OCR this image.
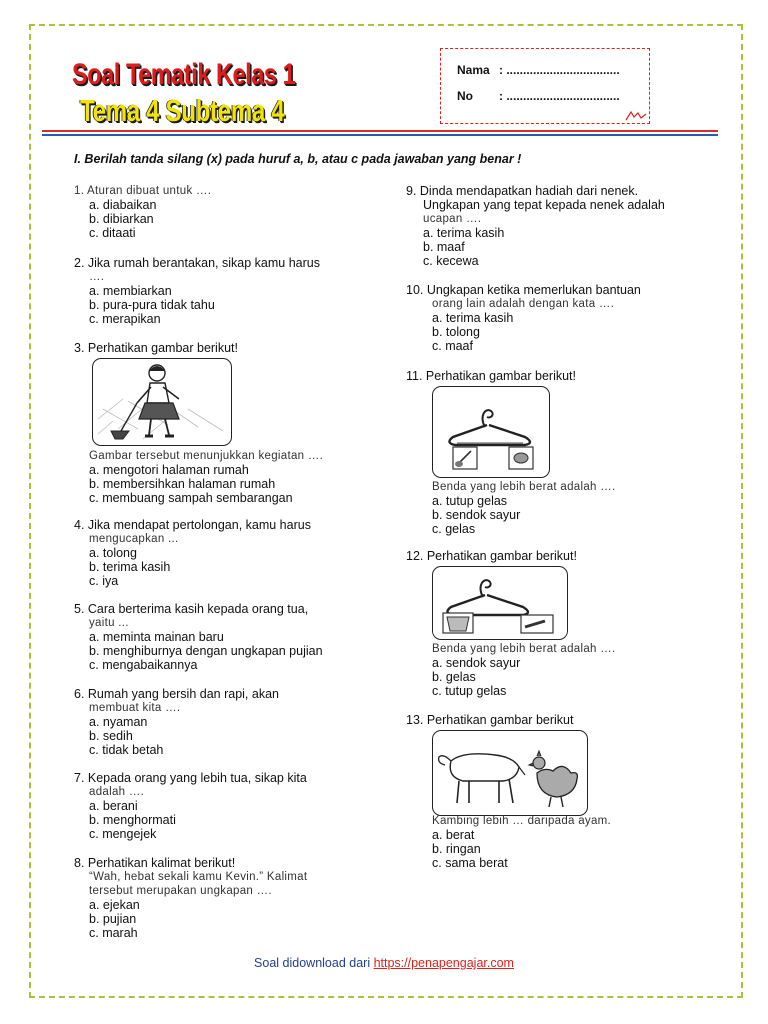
Soal Tematik Kelas 1
Tema 4 Subtema 4
Nama : ..................................
No : ..................................
I. Berilah tanda silang (x) pada huruf a, b, atau c pada jawaban yang benar !
1. Aturan dibuat untuk ….
a. diabaikan
b. dibiarkan
c. ditaati
2. Jika rumah berantakan, sikap kamu harus
….
a. membiarkan
b. pura-pura tidak tahu
c. merapikan
3. Perhatikan gambar berikut!
Gambar tersebut menunjukkan kegiatan ….
a. mengotori halaman rumah
b. membersihkan halaman rumah
c. membuang sampah sembarangan
4. Jika mendapat pertolongan, kamu harus
mengucapkan ...
a. tolong
b. terima kasih
c. iya
5. Cara berterima kasih kepada orang tua,
yaitu ...
a. meminta mainan baru
b. menghiburnya dengan ungkapan pujian
c. mengabaikannya
6. Rumah yang bersih dan rapi, akan
membuat kita ….
a. nyaman
b. sedih
c. tidak betah
7. Kepada orang yang lebih tua, sikap kita
adalah ….
a. berani
b. menghormati
c. mengejek
8. Perhatikan kalimat berikut!
“Wah, hebat sekali kamu Kevin.” Kalimat
tersebut merupakan ungkapan ….
a. ejekan
b. pujian
c. marah
9. Dinda mendapatkan hadiah dari nenek.
Ungkapan yang tepat kepada nenek adalah
ucapan ….
a. terima kasih
b. maaf
c. kecewa
10. Ungkapan ketika memerlukan bantuan
orang lain adalah dengan kata ….
a. terima kasih
b. tolong
c. maaf
11. Perhatikan gambar berikut!
Benda yang lebih berat adalah ….
a. tutup gelas
b. sendok sayur
c. gelas
12. Perhatikan gambar berikut!
Benda yang lebih berat adalah ….
a. sendok sayur
b. gelas
c. tutup gelas
13. Perhatikan gambar berikut
Kambing lebih … daripada ayam.
a. berat
b. ringan
c. sama berat
Soal didownload dari https://penapengajar.com
